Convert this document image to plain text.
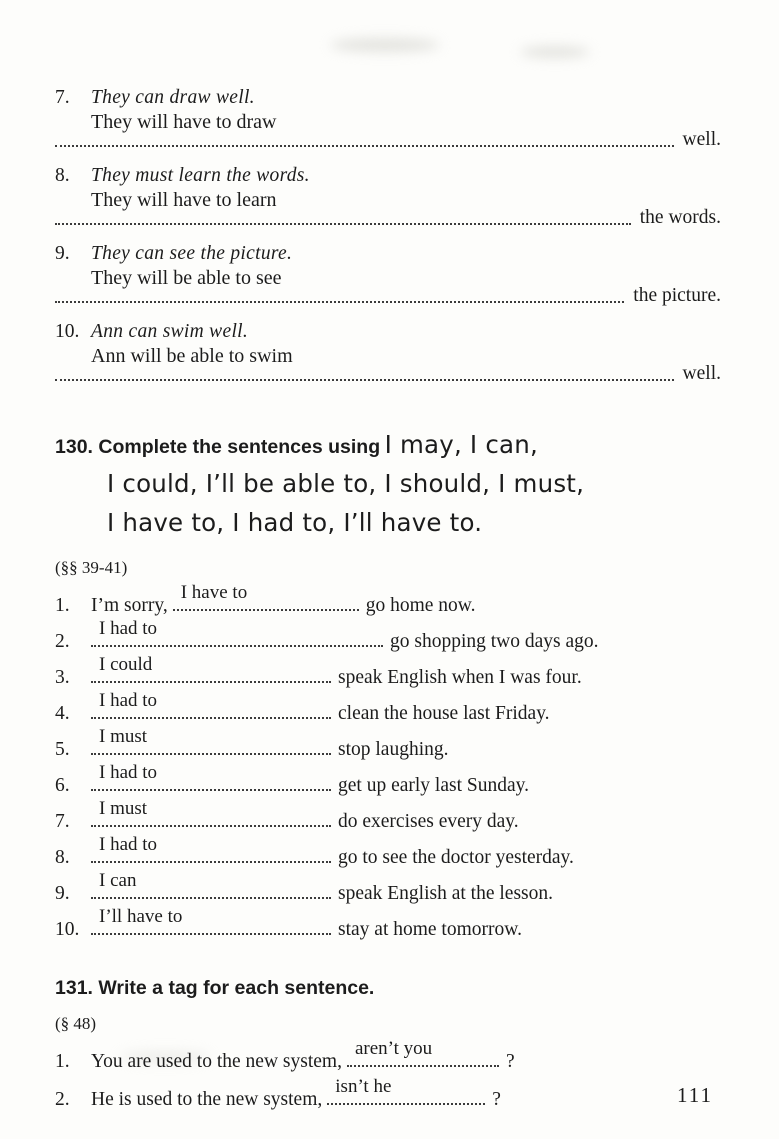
7. They can draw well.
They will have to draw
well.
8. They must learn the words.
They will have to learn
the words.
9. They can see the picture.
They will be able to see
the picture.
10. Ann can swim well.
Ann will be able to swim
well.
130. Complete the sentences using I may, I can,
I could, I’ll be able to, I should, I must,
I have to, I had to, I’ll have to.
(§§ 39-41)
1. I’m sorry,
I have to
go home now.
2.
I had to
go shopping two days ago.
3.
I could
speak English when I was four.
4.
I had to
clean the house last Friday.
5.
I must
stop laughing.
6.
I had to
get up early last Sunday.
7.
I must
do exercises every day.
8.
I had to
go to see the doctor yesterday.
9.
I can
speak English at the lesson.
10.
I’ll have to
stay at home tomorrow.
131. Write a tag for each sentence.
(§ 48)
1. You are used to the new system,
aren’t you
?
2. He is used to the new system,
isn’t he
?	111
